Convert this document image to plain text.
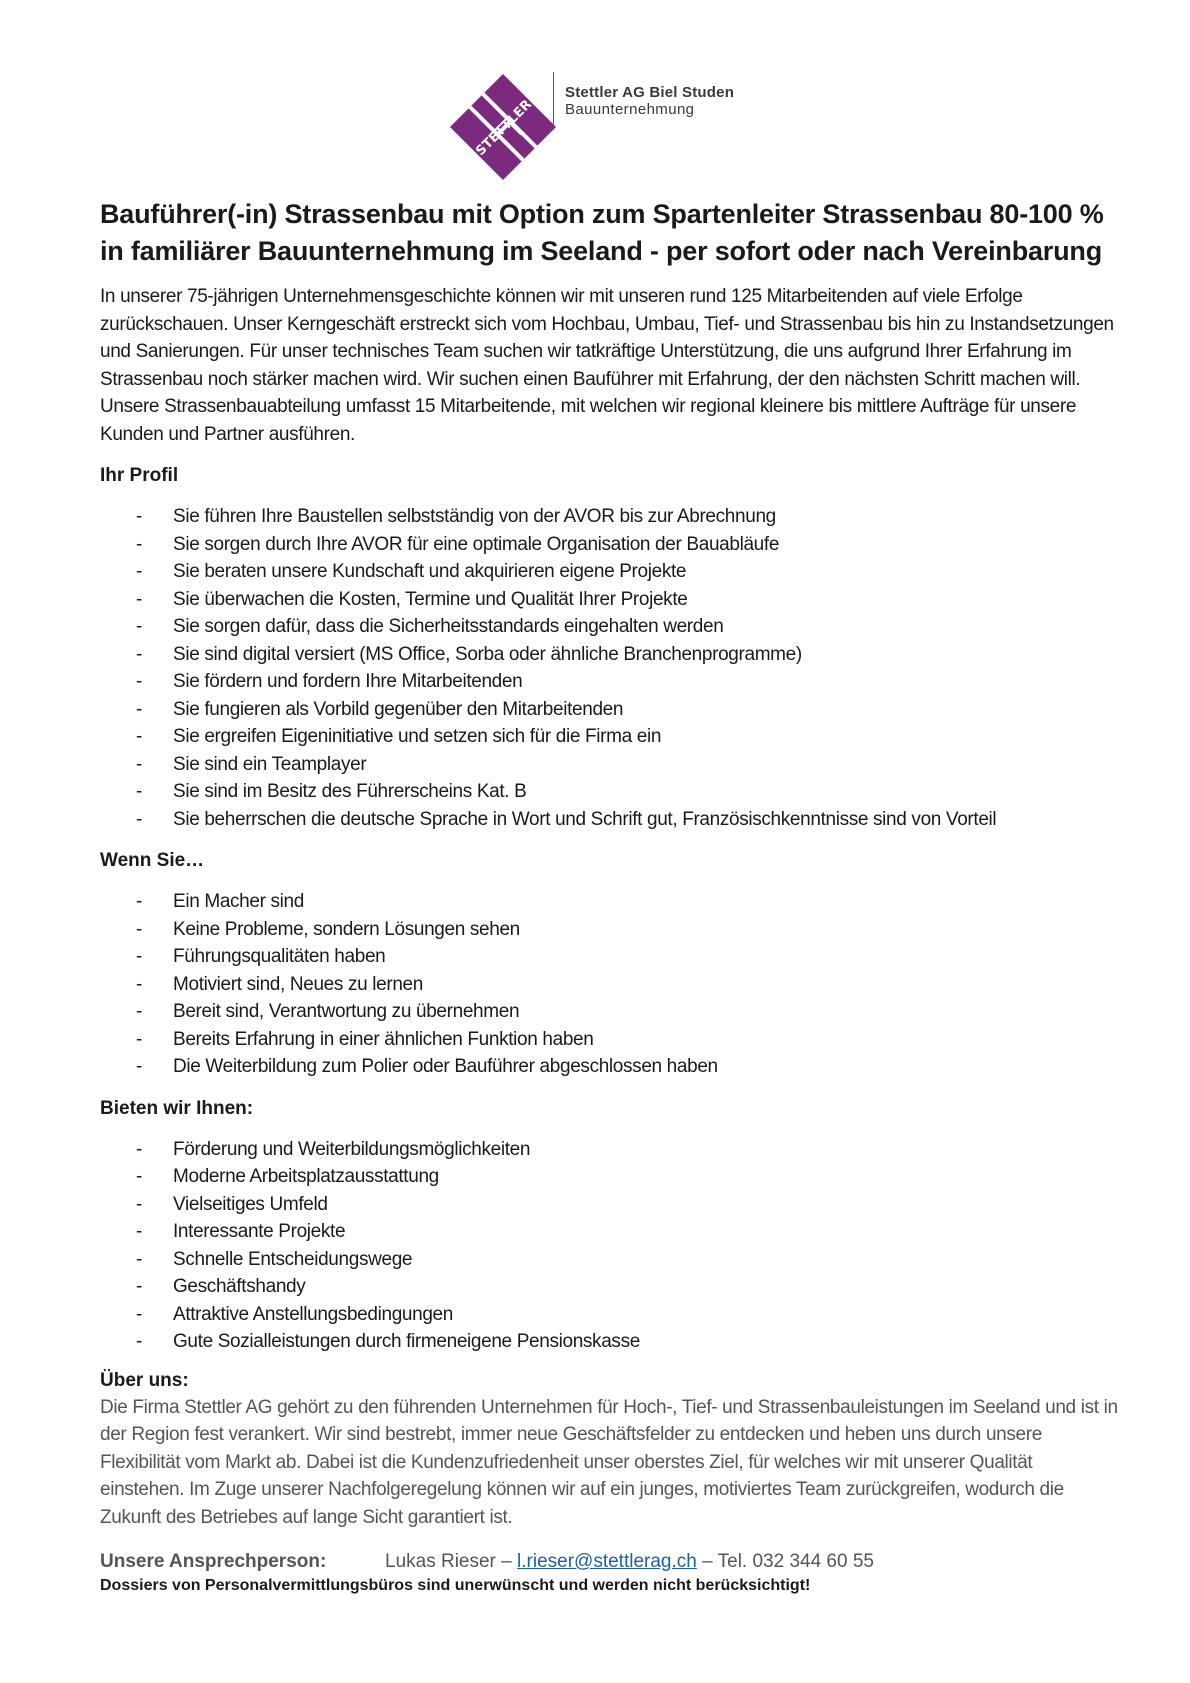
STETTLER
Stettler AG Biel Studen
Bauunternehmung
Bauführer(-in) Strassenbau mit Option zum Spartenleiter Strassenbau 80-100 % in familiärer Bauunternehmung im Seeland - per sofort oder nach Vereinbarung

In unserer 75-jährigen Unternehmensgeschichte können wir mit unseren rund 125 Mitarbeitenden auf viele Erfolge zurückschauen. Unser Kerngeschäft erstreckt sich vom Hochbau, Umbau, Tief- und Strassenbau bis hin zu Instandsetzungen und Sanierungen. Für unser technisches Team suchen wir tatkräftige Unterstützung, die uns aufgrund Ihrer Erfahrung im Strassenbau noch stärker machen wird. Wir suchen einen Bauführer mit Erfahrung, der den nächsten Schritt machen will. Unsere Strassenbauabteilung umfasst 15 Mitarbeitende, mit welchen wir regional kleinere bis mittlere Aufträge für unsere Kunden und Partner ausführen.

Ihr Profil
- Sie führen Ihre Baustellen selbstständig von der AVOR bis zur Abrechnung
- Sie sorgen durch Ihre AVOR für eine optimale Organisation der Bauabläufe
- Sie beraten unsere Kundschaft und akquirieren eigene Projekte
- Sie überwachen die Kosten, Termine und Qualität Ihrer Projekte
- Sie sorgen dafür, dass die Sicherheitsstandards eingehalten werden
- Sie sind digital versiert (MS Office, Sorba oder ähnliche Branchenprogramme)
- Sie fördern und fordern Ihre Mitarbeitenden
- Sie fungieren als Vorbild gegenüber den Mitarbeitenden
- Sie ergreifen Eigeninitiative und setzen sich für die Firma ein
- Sie sind ein Teamplayer
- Sie sind im Besitz des Führerscheins Kat. B
- Sie beherrschen die deutsche Sprache in Wort und Schrift gut, Französischkenntnisse sind von Vorteil
Wenn Sie…
- Ein Macher sind
- Keine Probleme, sondern Lösungen sehen
- Führungsqualitäten haben
- Motiviert sind, Neues zu lernen
- Bereit sind, Verantwortung zu übernehmen
- Bereits Erfahrung in einer ähnlichen Funktion haben
- Die Weiterbildung zum Polier oder Bauführer abgeschlossen haben
Bieten wir Ihnen:
- Förderung und Weiterbildungsmöglichkeiten
- Moderne Arbeitsplatzausstattung
- Vielseitiges Umfeld
- Interessante Projekte
- Schnelle Entscheidungswege
- Geschäftshandy
- Attraktive Anstellungsbedingungen
- Gute Sozialleistungen durch firmeneigene Pensionskasse
Über uns:

Die Firma Stettler AG gehört zu den führenden Unternehmen für Hoch-, Tief- und Strassenbauleistungen im Seeland und ist in der Region fest verankert. Wir sind bestrebt, immer neue Geschäftsfelder zu entdecken und heben uns durch unsere Flexibilität vom Markt ab. Dabei ist die Kundenzufriedenheit unser oberstes Ziel, für welches wir mit unserer Qualität einstehen. Im Zuge unserer Nachfolgeregelung können wir auf ein junges, motiviertes Team zurückgreifen, wodurch die Zukunft des Betriebes auf lange Sicht garantiert ist.

Unsere Ansprechperson:	Lukas Rieser – l.rieser@stettlerag.ch – Tel. 032 344 60 55

Dossiers von Personalvermittlungsbüros sind unerwünscht und werden nicht berücksichtigt!
